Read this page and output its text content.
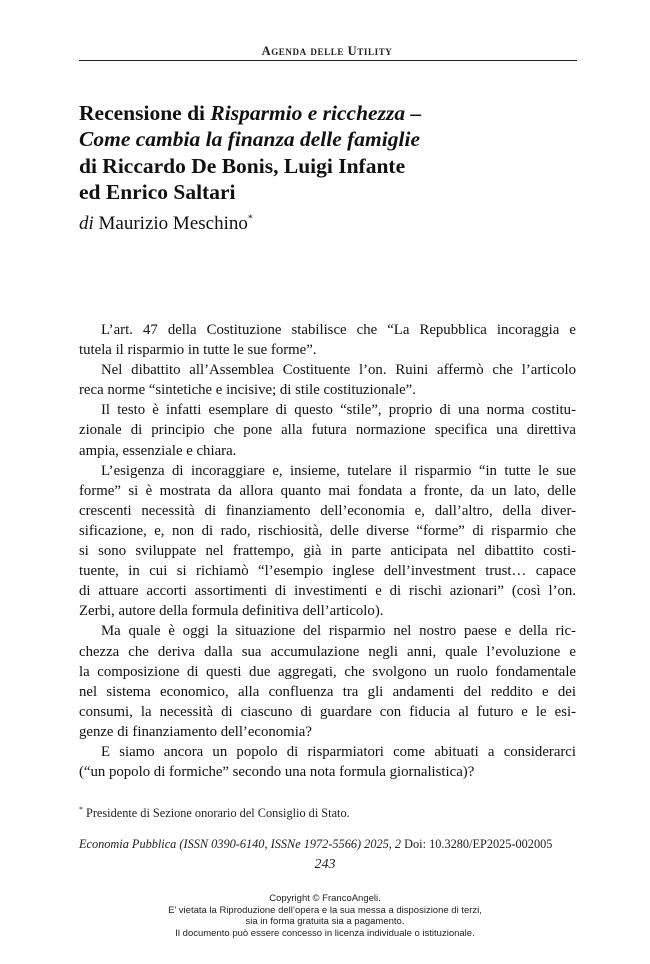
Agenda delle Utility
Recensione di Risparmio e ricchezza –
Come cambia la finanza delle famiglie
di Riccardo De Bonis, Luigi Infante
ed Enrico Saltari
di Maurizio Meschino*
L’art. 47 della Costituzione stabilisce che “La Repubblica incoraggia e
tutela il risparmio in tutte le sue forme”.
Nel dibattito all’Assemblea Costituente l’on. Ruini affermò che l’articolo
reca norme “sintetiche e incisive; di stile costituzionale”.
Il testo è infatti esemplare di questo “stile”, proprio di una norma costitu-
zionale di principio che pone alla futura normazione specifica una direttiva
ampia, essenziale e chiara.
L’esigenza di incoraggiare e, insieme, tutelare il risparmio “in tutte le sue
forme” si è mostrata da allora quanto mai fondata a fronte, da un lato, delle
crescenti necessità di finanziamento dell’economia e, dall’altro, della diver-
sificazione, e, non di rado, rischiosità, delle diverse “forme” di risparmio che
si sono sviluppate nel frattempo, già in parte anticipata nel dibattito costi-
tuente, in cui si richiamò “l’esempio inglese dell’investment trust… capace
di attuare accorti assortimenti di investimenti e di rischi azionari” (così l’on.
Zerbi, autore della formula definitiva dell’articolo).
Ma quale è oggi la situazione del risparmio nel nostro paese e della ric-
chezza che deriva dalla sua accumulazione negli anni, quale l’evoluzione e
la composizione di questi due aggregati, che svolgono un ruolo fondamentale
nel sistema economico, alla confluenza tra gli andamenti del reddito e dei
consumi, la necessità di ciascuno di guardare con fiducia al futuro e le esi-
genze di finanziamento dell’economia?
E siamo ancora un popolo di risparmiatori come abituati a considerarci
(“un popolo di formiche” secondo una nota formula giornalistica)?
* Presidente di Sezione onorario del Consiglio di Stato.
Economia Pubblica (ISSN 0390-6140, ISSNe 1972-5566) 2025, 2 Doi: 10.3280/EP2025-002005
243
Copyright © FrancoAngeli.
E’ vietata la Riproduzione dell’opera e la sua messa a disposizione di terzi,
sia in forma gratuita sia a pagamento.
Il documento può essere concesso in licenza individuale o istituzionale.
